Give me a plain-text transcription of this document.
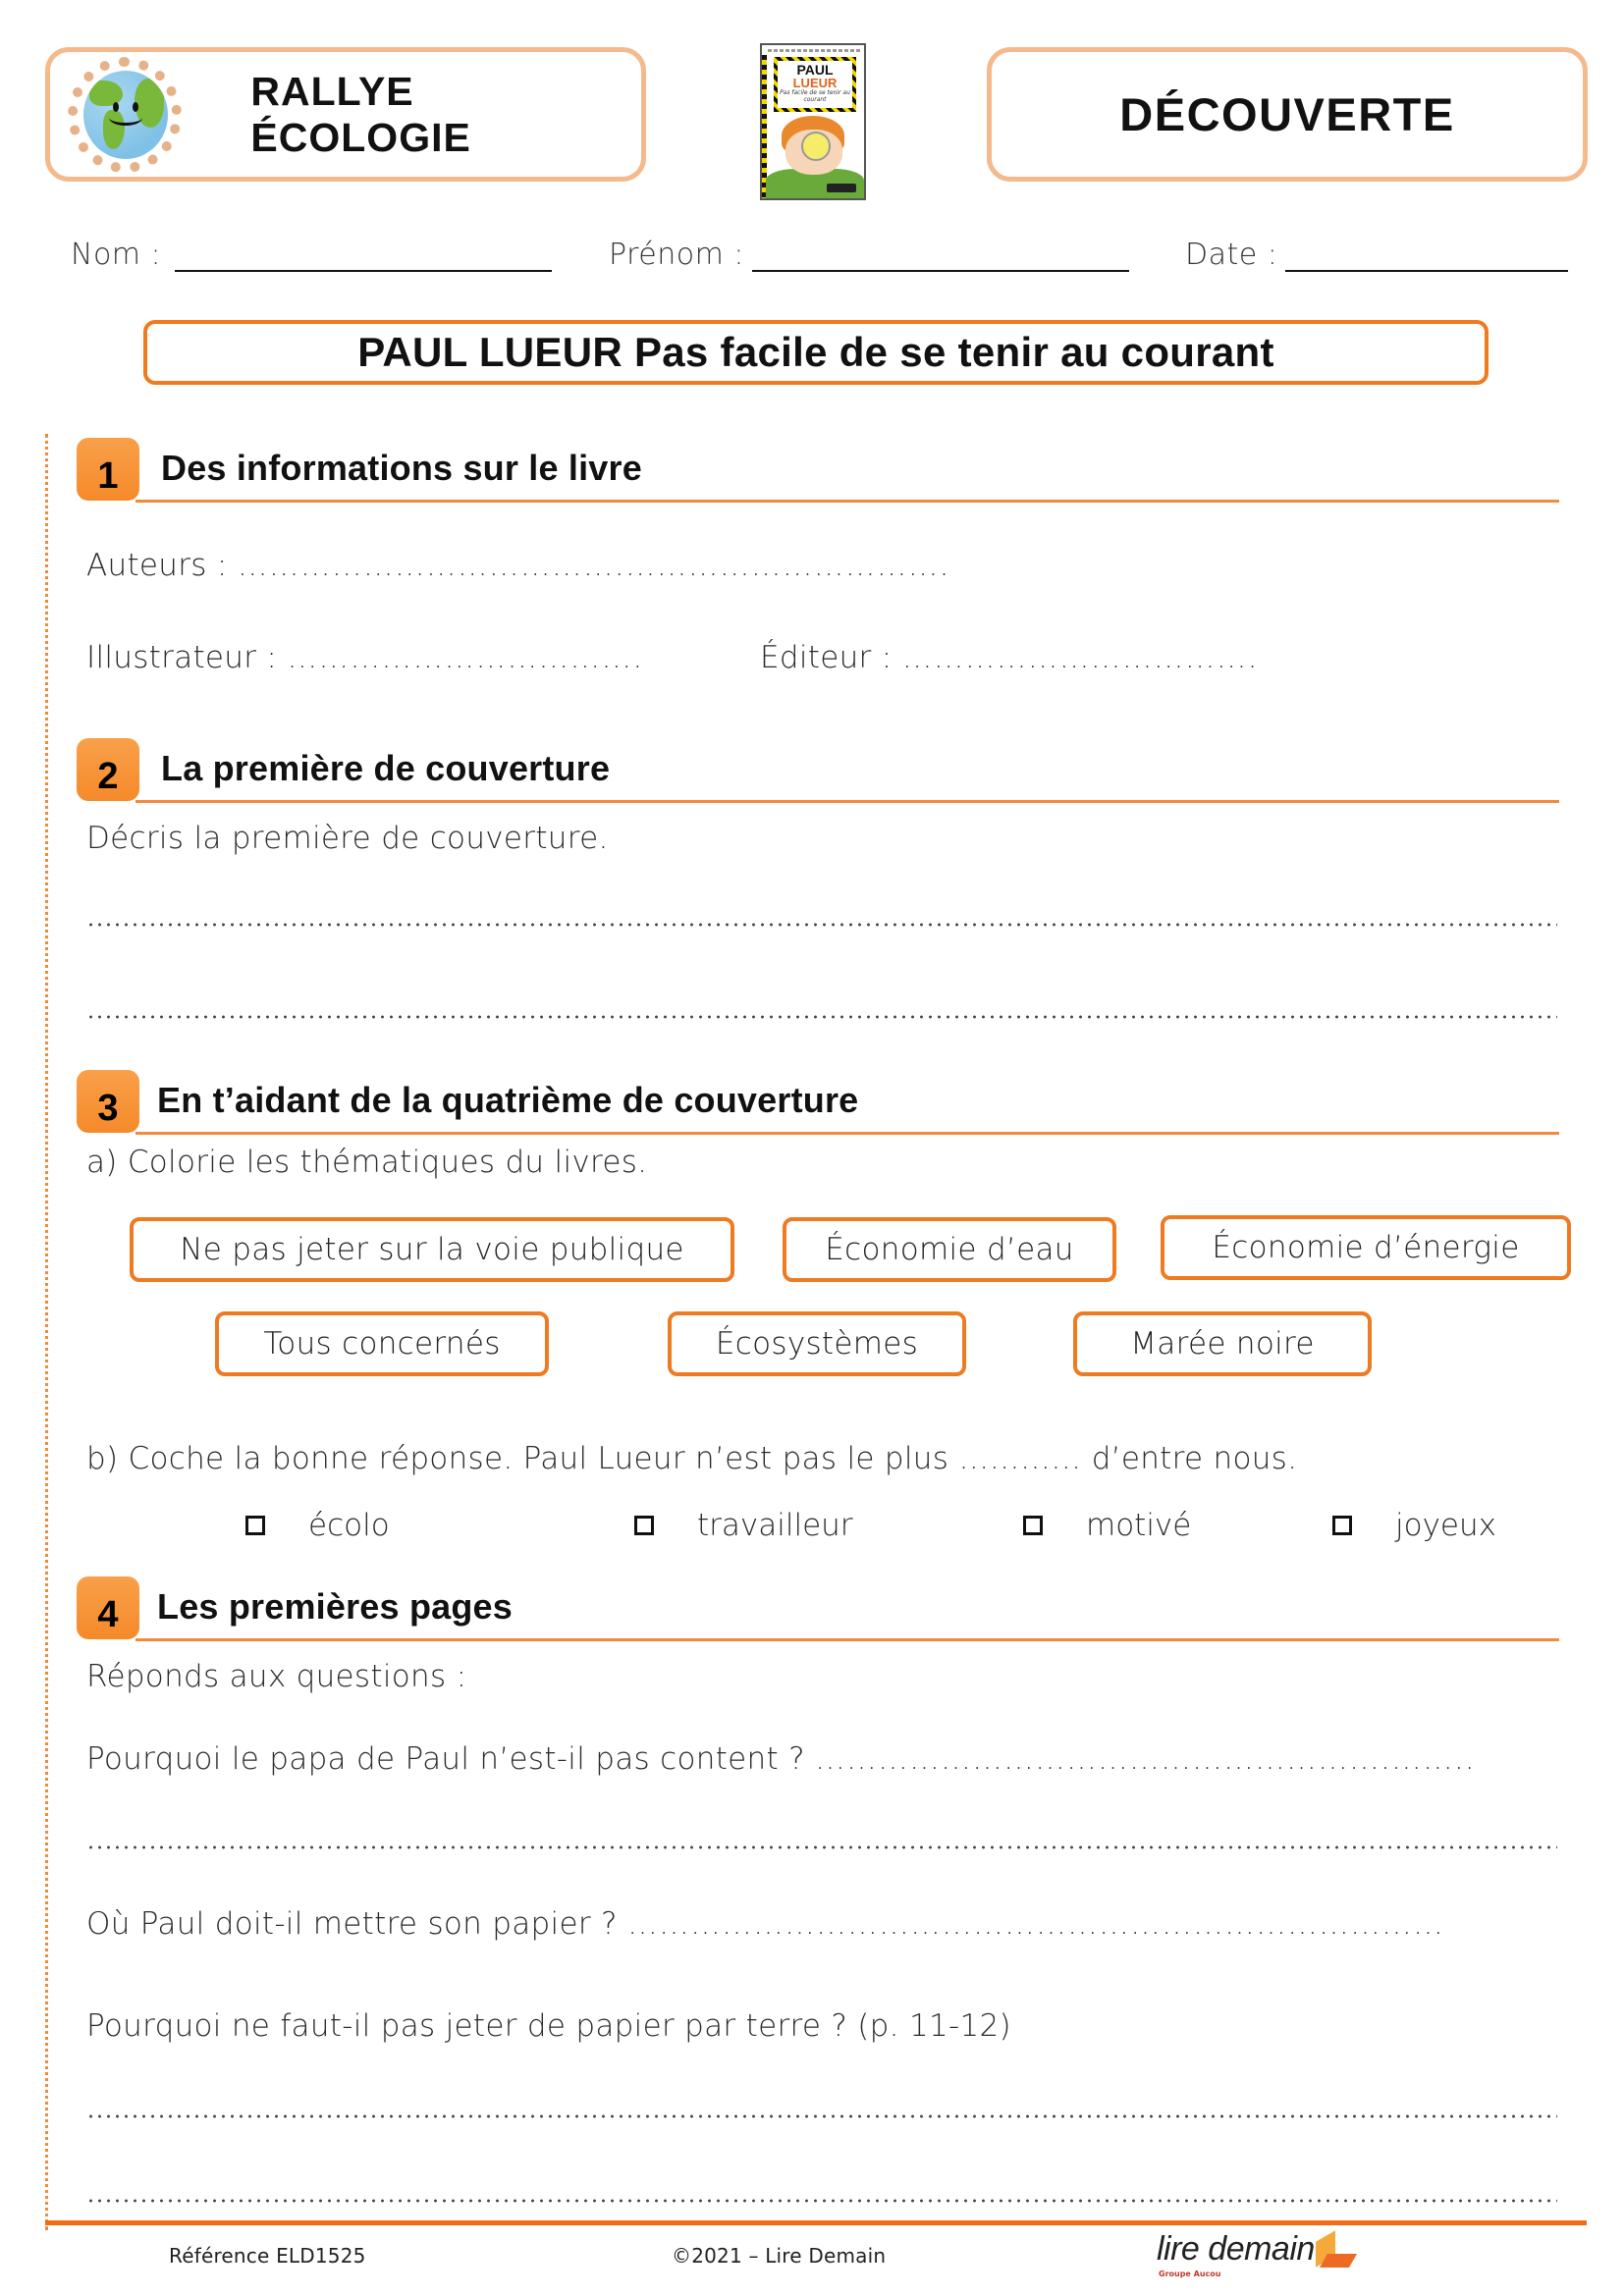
RALLYE ÉCOLOGIE
PAUL
LUEUR
Pas facile de se tenir au courant	DÉCOUVERTE
Nom :	Prénom :	Date :
PAUL LUEUR Pas facile de se tenir au courant
1 Des informations sur le livre
Auteurs : ……………………………….………………………….
Illustrateur : …………………………….	Éditeur : …………………………….
2 La première de couverture
Décris la première de couverture.
3 En t’aidant de la quatrième de couverture
a) Colorie les thématiques du livres.
Ne pas jeter sur la voie publique	Économie d’eau	Économie d’énergie
Tous concernés	Écosystèmes	Marée noire
b) Coche la bonne réponse. Paul Lueur n’est pas le plus ………… d’entre nous.
écolo	travailleur	motivé	joyeux
4 Les premières pages
Réponds aux questions :
Pourquoi le papa de Paul n’est-il pas content ? ……………………………………………….……..
Où Paul doit-il mettre son papier ? ……………………………………………………………………
Pourquoi ne faut-il pas jeter de papier par terre ? (p. 11-12)
Référence ELD1525	©2021 – Lire Demain	lire demain
Groupe Aucou
